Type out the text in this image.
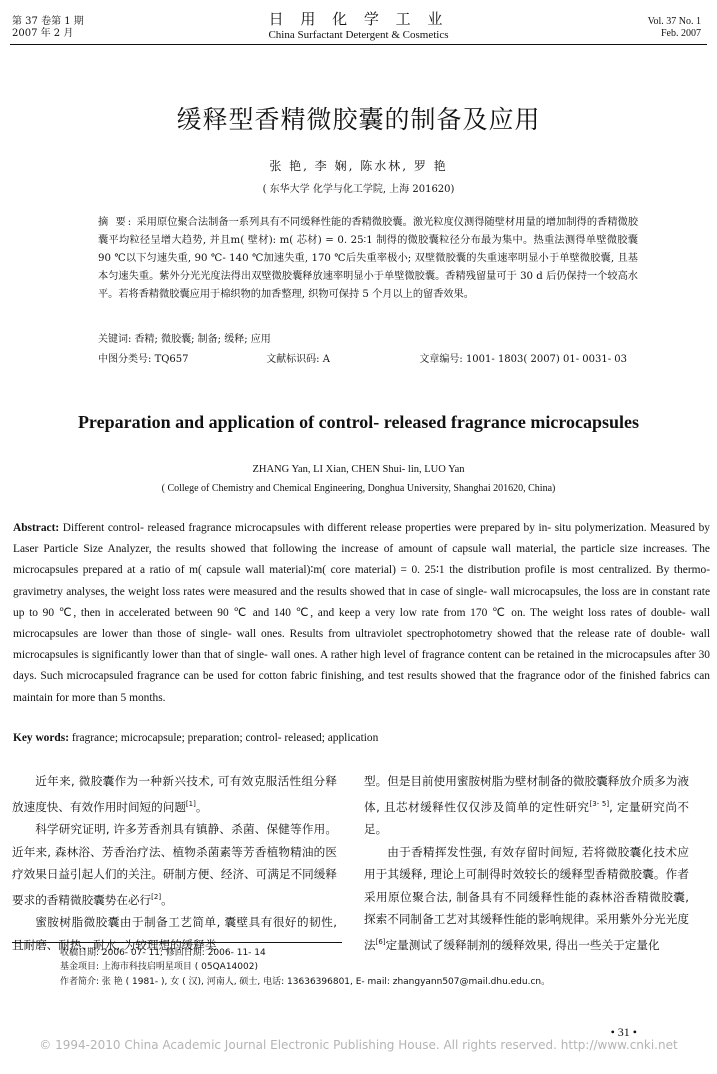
第 37 卷第 1 期
2007 年 2 月
日 用 化 学 工 业
China Surfactant Detergent & Cosmetics
Vol. 37 No. 1
Feb. 2007
缓释型香精微胶囊的制备及应用
张 艳, 李 娴, 陈水林, 罗 艳
( 东华大学 化学与化工学院, 上海 201620)
摘 要: 采用原位聚合法制备一系列具有不同缓释性能的香精微胶囊。激光粒度仪测得随壁材用量的增加制得的香精微胶囊平均粒径呈增大趋势, 并且m( 壁材): m( 芯材) = 0. 25∶1 制得的微胶囊粒径分布最为集中。热重法测得单壁微胶囊 90 ℃以下匀速失重, 90 ℃- 140 ℃加速失重, 170 ℃后失重率极小; 双壁微胶囊的失重速率明显小于单壁微胶囊, 且基本匀速失重。紫外分光光度法得出双壁微胶囊释放速率明显小于单壁微胶囊。香精残留量可于 30 d 后仍保持一个较高水平。若将香精微胶囊应用于棉织物的加香整理, 织物可保持 5 个月以上的留香效果。
关键词: 香精; 微胶囊; 制备; 缓释; 应用
中图分类号: TQ657	文献标识码: A	文章编号: 1001- 1803( 2007) 01- 0031- 03
Preparation and application of control- released fragrance microcapsules
ZHANG Yan, LI Xian, CHEN Shui- lin, LUO Yan
( College of Chemistry and Chemical Engineering, Donghua University, Shanghai 201620, China)
Abstract: Different control- released fragrance microcapsules with different release properties were prepared by in- situ polymerization. Measured by Laser Particle Size Analyzer, the results showed that following the increase of amount of capsule wall material, the particle size increases. The microcapsules prepared at a ratio of m( capsule wall material)∶m( core material) = 0. 25∶1 the distribution profile is most centralized. By thermo- gravimetry analyses, the weight loss rates were measured and the results showed that in case of single- wall microcapsules, the loss are in constant rate up to 90 ℃, then in accelerated between 90 ℃ and 140 ℃, and keep a very low rate from 170 ℃ on. The weight loss rates of double- wall microcapsules are lower than those of single- wall ones. Results from ultraviolet spectrophotometry showed that the release rate of double- wall microcapsules is significantly lower than that of single- wall ones. A rather high level of fragrance content can be retained in the microcapsules after 30 days. Such microcapsuled fragrance can be used for cotton fabric finishing, and test results showed that the fragrance odor of the finished fabrics can maintain for more than 5 months.
Key words: fragrance; microcapsule; preparation; control- released; application

近年来, 微胶囊作为一种新兴技术, 可有效克服活性组分释放速度快、有效作用时间短的问题[1]。

科学研究证明, 许多芳香剂具有镇静、杀菌、保健等作用。近年来, 森林浴、芳香治疗法、植物杀菌素等芳香植物精油的医疗效果日益引起人们的关注。研制方便、经济、可满足不同缓释要求的香精微胶囊势在必行[2]。

蜜胺树脂微胶囊由于制备工艺简单, 囊壁具有很好的韧性, 且耐磨、耐热、耐水, 为较理想的缓释类

型。但是目前使用蜜胺树脂为壁材制备的微胶囊释放介质多为液体, 且芯材缓释性仅仅涉及简单的定性研究[3- 5], 定量研究尚不足。

由于香精挥发性强, 有效存留时间短, 若将微胶囊化技术应用于其缓释, 理论上可制得时效较长的缓释型香精微胶囊。作者采用原位聚合法, 制备具有不同缓释性能的森林浴香精微胶囊, 探索不同制备工艺对其缓释性能的影响规律。采用紫外分光光度法[6]定量测试了缓释制剂的缓释效果, 得出一些关于定量化

收稿日期: 2006- 07- 11; 修回日期: 2006- 11- 14
基金项目: 上海市科技启明星项目 ( 05QA14002)
作者简介: 张 艳 ( 1981- ), 女 ( 汉), 河南人, 硕士, 电话: 13636396801, E- mail: zhangyann507@mail.dhu.edu.cn。
• 31 •
© 1994-2010 China Academic Journal Electronic Publishing House. All rights reserved. http://www.cnki.net
